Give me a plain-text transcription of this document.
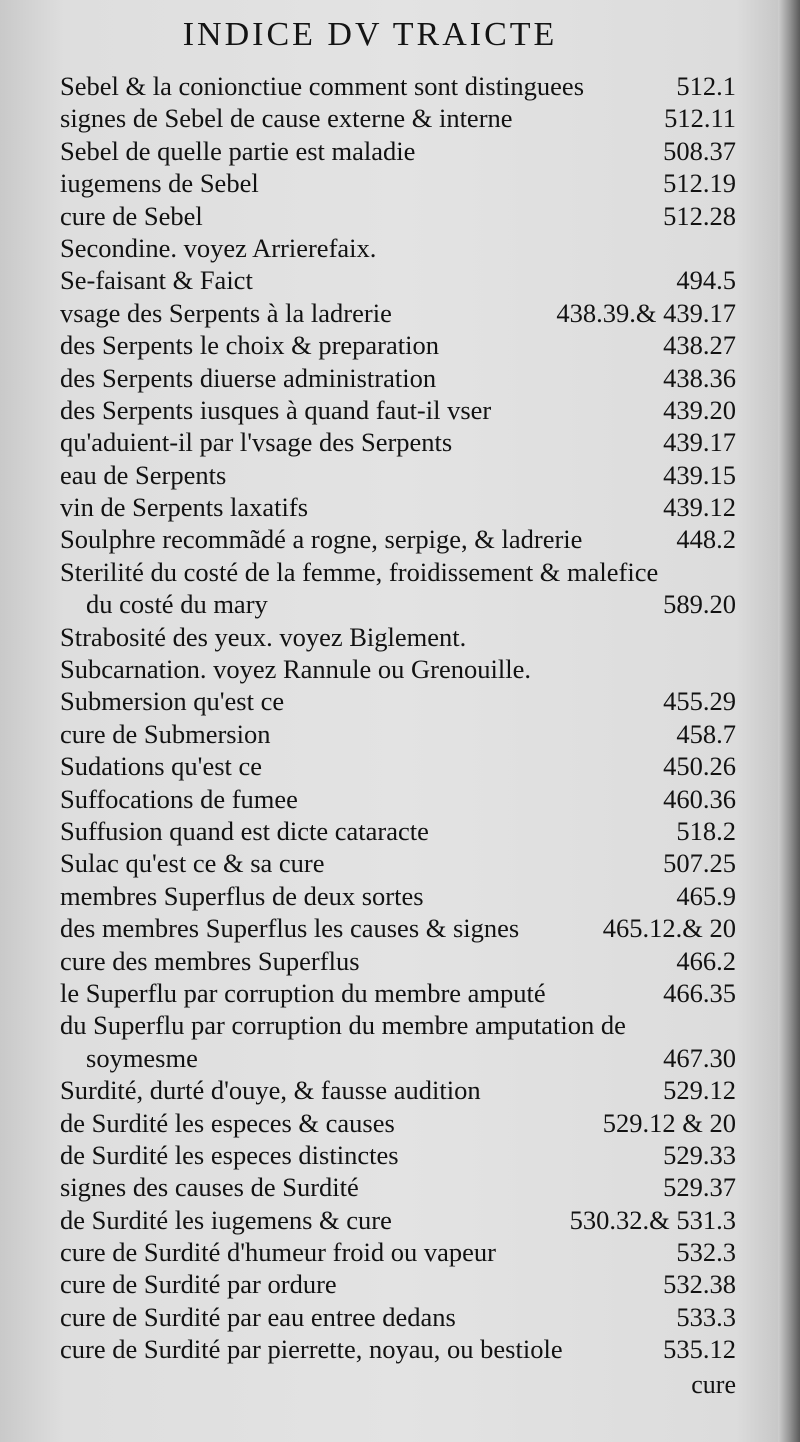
INDICE DV TRAICTE
Sebel & la conionctiue comment sont distinguees	512.1
signes de Sebel de cause externe & interne	512.11
Sebel de quelle partie est maladie	508.37
iugemens de Sebel	512.19
cure de Sebel	512.28
Secondine. voyez Arrierefaix.
Se-faisant & Faict	494.5
vsage des Serpents à la ladrerie	438.39.& 439.17
des Serpents le choix & preparation	438.27
des Serpents diuerse administration	438.36
des Serpents iusques à quand faut-il vser	439.20
qu'aduient-il par l'vsage des Serpents	439.17
eau de Serpents	439.15
vin de Serpents laxatifs	439.12
Soulphre recommãdé a rogne, serpige, & ladrerie	448.2
Sterilité du costé de la femme, froidissement & malefice
du costé du mary	589.20
Strabosité des yeux. voyez Biglement.
Subcarnation. voyez Rannule ou Grenouille.
Submersion qu'est ce	455.29
cure de Submersion	458.7
Sudations qu'est ce	450.26
Suffocations de fumee	460.36
Suffusion quand est dicte cataracte	518.2
Sulac qu'est ce & sa cure	507.25
membres Superflus de deux sortes	465.9
des membres Superflus les causes & signes	465.12.& 20
cure des membres Superflus	466.2
le Superflu par corruption du membre amputé	466.35
du Superflu par corruption du membre amputation de
soymesme	467.30
Surdité, durté d'ouye, & fausse audition	529.12
de Surdité les especes & causes	529.12 & 20
de Surdité les especes distinctes	529.33
signes des causes de Surdité	529.37
de Surdité les iugemens & cure	530.32.& 531.3
cure de Surdité d'humeur froid ou vapeur	532.3
cure de Surdité par ordure	532.38
cure de Surdité par eau entree dedans	533.3
cure de Surdité par pierrette, noyau, ou bestiole	535.12
cure
